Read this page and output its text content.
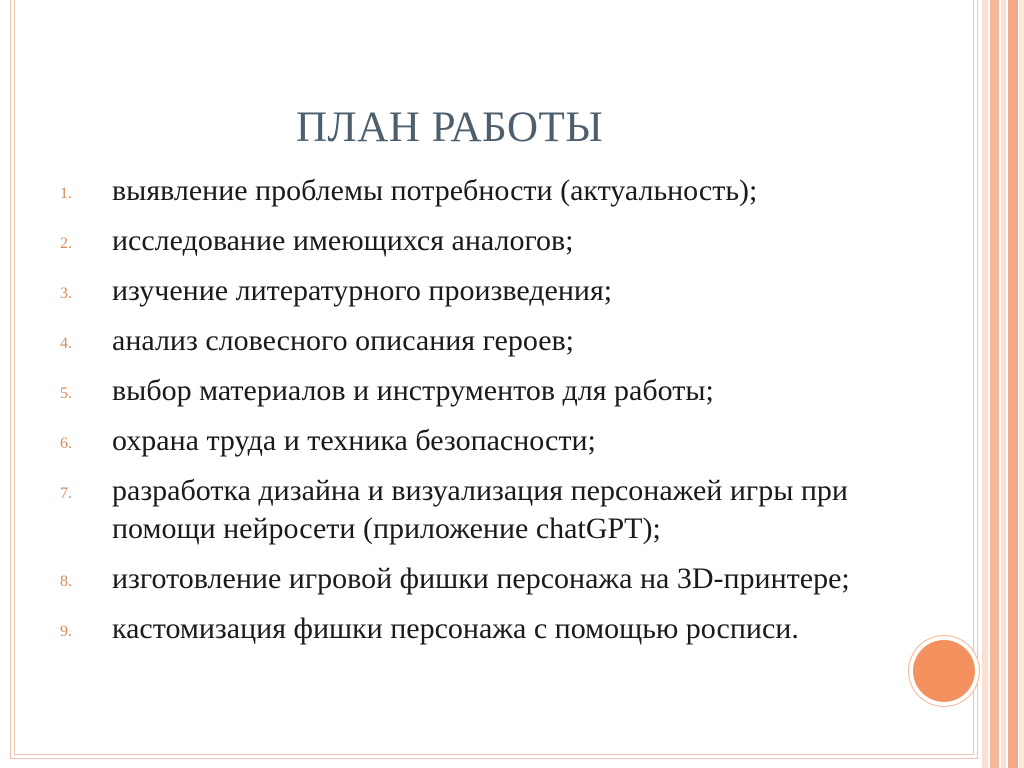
ПЛАН РАБОТЫ
1.	выявление проблемы потребности (актуальность);
2.	исследование имеющихся аналогов;
3.	изучение литературного произведения;
4.	анализ словесного описания героев;
5.	выбор материалов и инструментов для работы;
6.	охрана труда и техника безопасности;
7.	разработка дизайна и визуализация персонажей игры при помощи нейросети (приложение chatGPT);
8.	изготовление игровой фишки персонажа на 3D-принтере;
9.	кастомизация фишки персонажа с помощью росписи.
